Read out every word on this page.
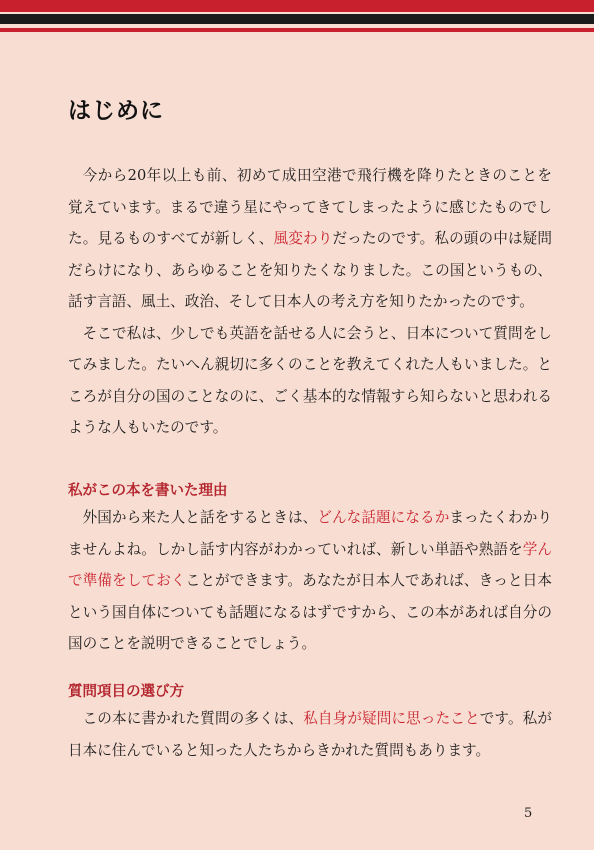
はじめに

今から20年以上も前、初めて成田空港で飛行機を降りたときのことを覚えています。まるで違う星にやってきてしまったように感じたものでした。見るものすべてが新しく、風変わりだったのです。私の頭の中は疑問だらけになり、あらゆることを知りたくなりました。この国というもの、話す言語、風土、政治、そして日本人の考え方を知りたかったのです。

そこで私は、少しでも英語を話せる人に会うと、日本について質問をしてみました。たいへん親切に多くのことを教えてくれた人もいました。ところが自分の国のことなのに、ごく基本的な情報すら知らないと思われるような人もいたのです。

私がこの本を書いた理由

外国から来た人と話をするときは、どんな話題になるかまったくわかりませんよね。しかし話す内容がわかっていれば、新しい単語や熟語を学んで準備をしておくことができます。あなたが日本人であれば、きっと日本という国自体についても話題になるはずですから、この本があれば自分の国のことを説明できることでしょう。

質問項目の選び方

この本に書かれた質問の多くは、私自身が疑問に思ったことです。私が日本に住んでいると知った人たちからきかれた質問もあります。

5
